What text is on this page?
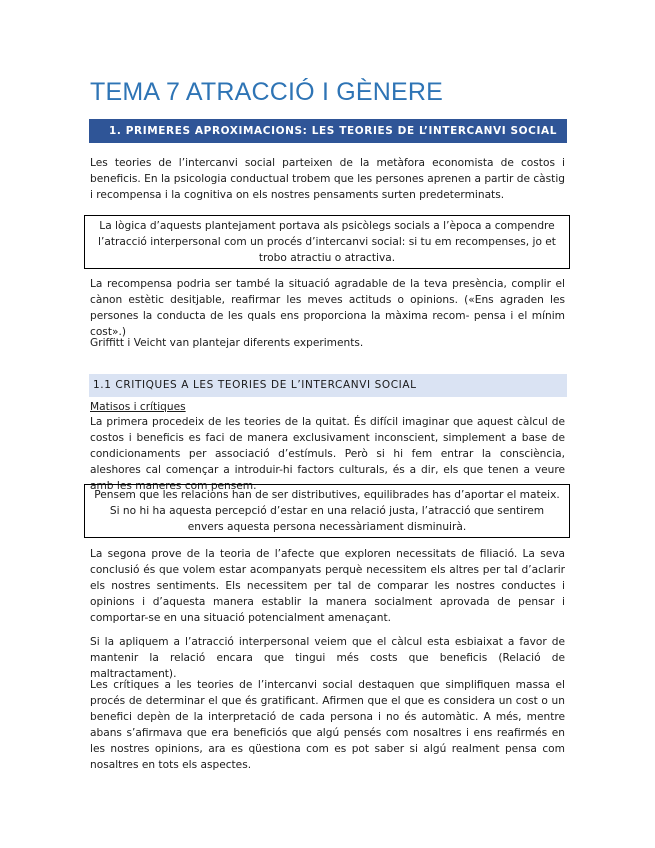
TEMA 7 ATRACCIÓ I GÈNERE
1. PRIMERES APROXIMACIONS: LES TEORIES DE L’INTERCANVI SOCIAL

Les teories de l’intercanvi social parteixen de la metàfora economista de costos i beneficis. En la psicologia conductual trobem que les persones aprenen a partir de càstig i recompensa i la cognitiva on els nostres pensaments surten predeterminats.

La lògica d’aquests plantejament portava als psicòlegs socials a l’època a compendre l’atracció interpersonal com un procés d’intercanvi social: si tu em recompenses, jo et trobo atractiu o atractiva.

La recompensa podria ser també la situació agradable de la teva presència, complir el cànon estètic desitjable, reafirmar les meves actituds o opinions. («Ens agraden les persones la conducta de les quals ens proporciona la màxima recom- pensa i el mínim cost».)

Griffitt i Veicht van plantejar diferents experiments.

1.1 CRITIQUES A LES TEORIES DE L’INTERCANVI SOCIAL
Matisos i crítiques

La primera procedeix de les teories de la quitat. És difícil imaginar que aquest càlcul de costos i beneficis es faci de manera exclusivament inconscient, simplement a base de condicionaments per associació d’estímuls. Però si hi fem entrar la consciència, aleshores cal començar a introduir-hi factors culturals, és a dir, els que tenen a veure amb les maneres com pensem.

Pensem que les relacions han de ser distributives, equilibrades has d’aportar el mateix. Si no hi ha aquesta percepció d’estar en una relació justa, l’atracció que sentirem envers aquesta persona necessàriament disminuirà.

La segona prove de la teoria de l’afecte que exploren necessitats de filiació. La seva conclusió és que volem estar acompanyats perquè necessitem els altres per tal d’aclarir els nostres sentiments. Els necessitem per tal de comparar les nostres conductes i opinions i d’aquesta manera establir la manera socialment aprovada de pensar i comportar-se en una situació potencialment amenaçant.

Si la apliquem a l’atracció interpersonal veiem que el càlcul esta esbiaixat a favor de mantenir la relació encara que tingui més costs que beneficis (Relació de maltractament).

Les crítiques a les teories de l’intercanvi social destaquen que simplifiquen massa el procés de determinar el que és gratificant. Afirmen que el que es considera un cost o un benefici depèn de la interpretació de cada persona i no és automàtic. A més, mentre abans s’afirmava que era beneficiós que algú pensés com nosaltres i ens reafirmés en les nostres opinions, ara es qüestiona com es pot saber si algú realment pensa com nosaltres en tots els aspectes.
